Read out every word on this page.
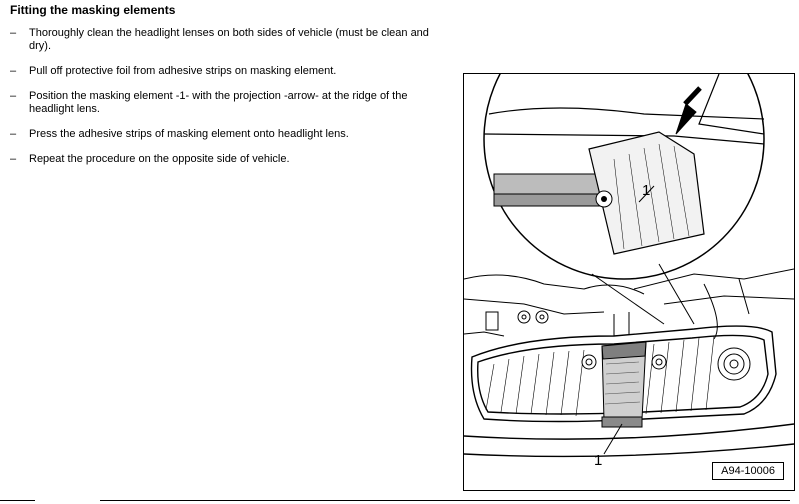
Fitting the masking elements
– Thoroughly clean the headlight lenses on both sides of vehicle (must be clean and dry).
– Pull off protective foil from adhesive strips on masking element.
– Position the masking element -1- with the projection -arrow- at the ridge of the headlight lens.
– Press the adhesive strips of masking element onto headlight lens.
– Repeat the procedure on the opposite side of vehicle.
1
1
A94-10006
